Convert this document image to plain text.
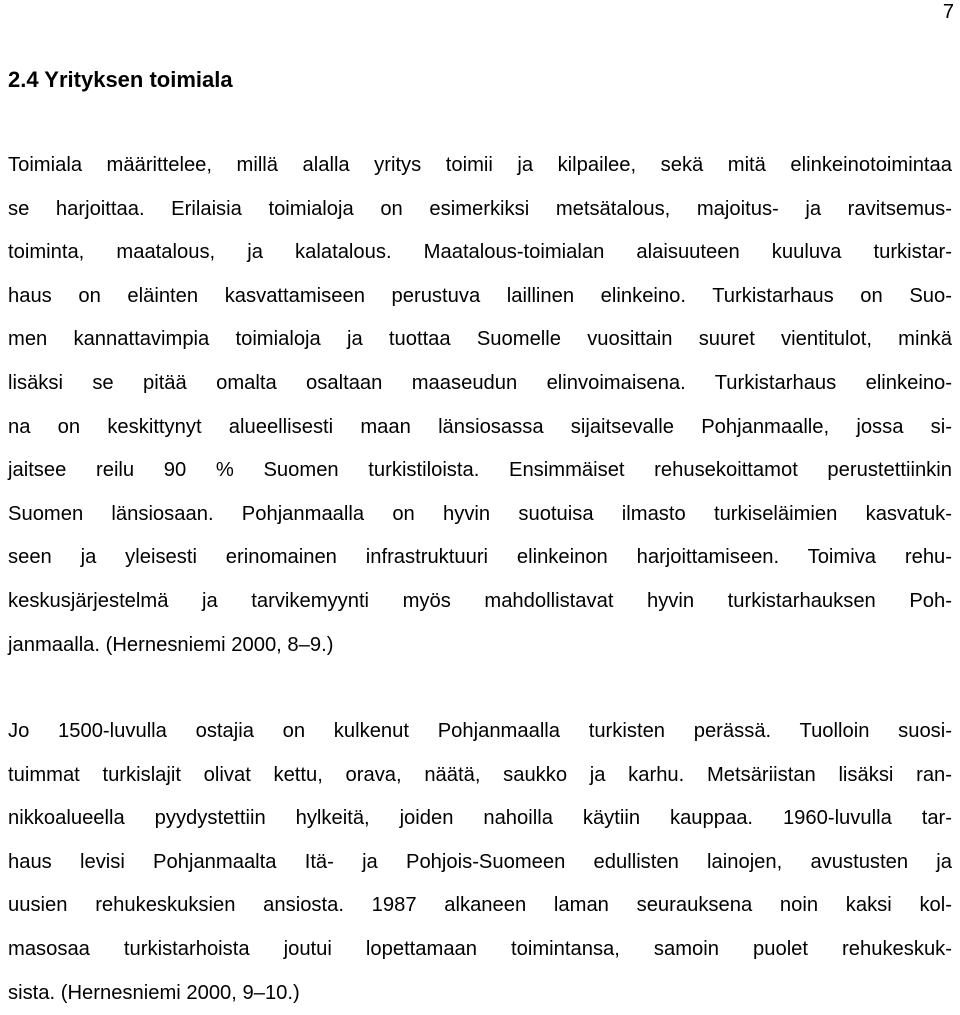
7
2.4 Yrityksen toimiala
Toimiala määrittelee, millä alalla yritys toimii ja kilpailee, sekä mitä elinkeinotoimintaa
se harjoittaa. Erilaisia toimialoja on esimerkiksi metsätalous, majoitus- ja ravitsemus-
toiminta, maatalous, ja kalatalous. Maatalous-toimialan alaisuuteen kuuluva turkistar-
haus on eläinten kasvattamiseen perustuva laillinen elinkeino. Turkistarhaus on Suo-
men kannattavimpia toimialoja ja tuottaa Suomelle vuosittain suuret vientitulot, minkä
lisäksi se pitää omalta osaltaan maaseudun elinvoimaisena. Turkistarhaus elinkeino-
na on keskittynyt alueellisesti maan länsiosassa sijaitsevalle Pohjanmaalle, jossa si-
jaitsee reilu 90 % Suomen turkistiloista. Ensimmäiset rehusekoittamot perustettiinkin
Suomen länsiosaan. Pohjanmaalla on hyvin suotuisa ilmasto turkiseläimien kasvatuk-
seen ja yleisesti erinomainen infrastruktuuri elinkeinon harjoittamiseen. Toimiva rehu-
keskusjärjestelmä ja tarvikemyynti myös mahdollistavat hyvin turkistarhauksen Poh-
janmaalla. (Hernesniemi 2000, 8–9.)
Jo 1500-luvulla ostajia on kulkenut Pohjanmaalla turkisten perässä. Tuolloin suosi-
tuimmat turkislajit olivat kettu, orava, näätä, saukko ja karhu. Metsäriistan lisäksi ran-
nikkoalueella pyydystettiin hylkeitä, joiden nahoilla käytiin kauppaa. 1960-luvulla tar-
haus levisi Pohjanmaalta Itä- ja Pohjois-Suomeen edullisten lainojen, avustusten ja
uusien rehukeskuksien ansiosta. 1987 alkaneen laman seurauksena noin kaksi kol-
masosaa turkistarhoista joutui lopettamaan toimintansa, samoin puolet rehukeskuk-
sista. (Hernesniemi 2000, 9–10.)
